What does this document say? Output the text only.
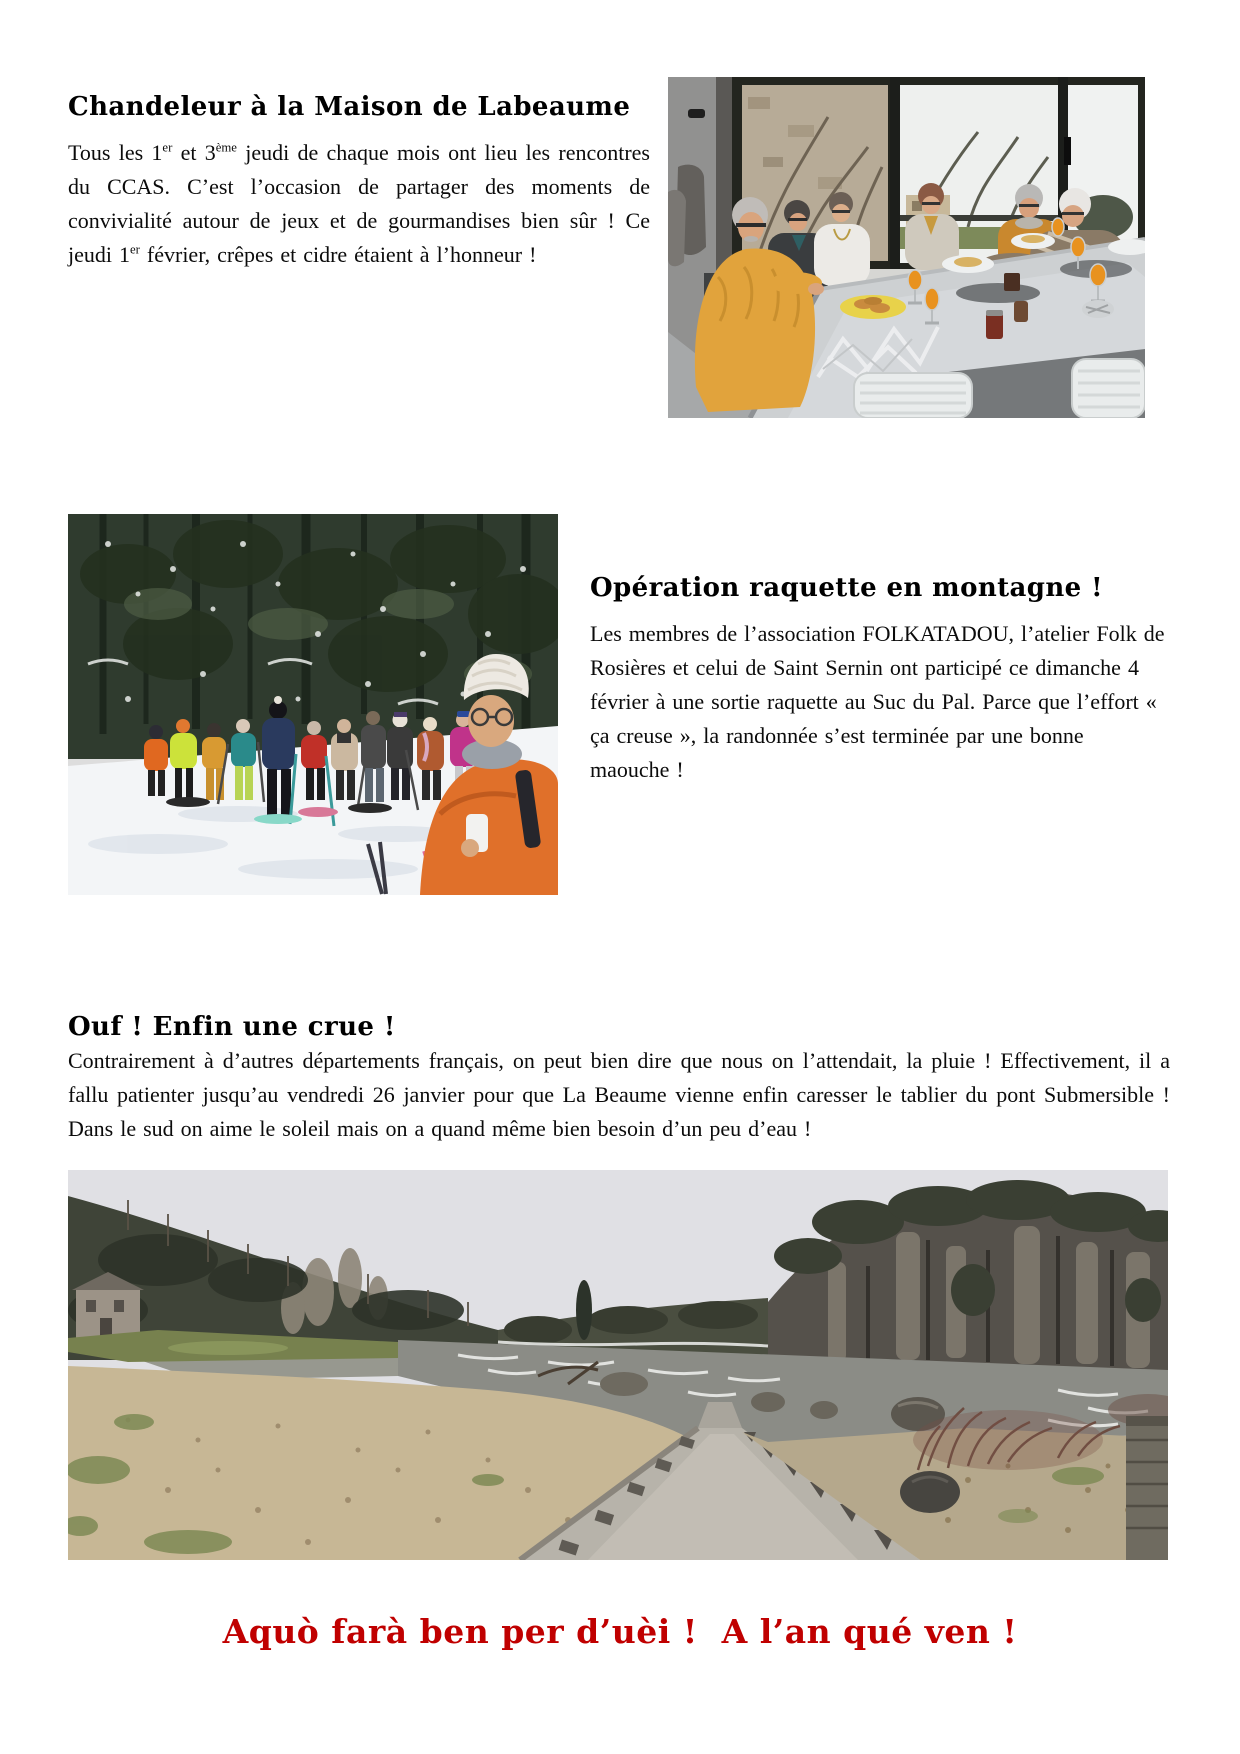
Chandeleur à la Maison de Labeaume

Tous les 1er et 3ème jeudi de chaque mois ont lieu les rencontres du CCAS. C’est l’occasion de partager des moments de convivialité autour de jeux et de gourmandises bien sûr ! Ce jeudi 1er février, crêpes et cidre étaient à l’honneur !

Opération raquette en montagne !

Les membres de l’association FOLKATADOU, l’atelier Folk de Rosières et celui de Saint Sernin ont participé ce dimanche 4 février à une sortie raquette au Suc du Pal. Parce que l’effort « ça creuse », la randonnée s’est terminée par une bonne maouche !

Ouf ! Enfin une crue !

Contrairement à d’autres départements français, on peut bien dire que nous on l’attendait, la pluie ! Effectivement, il a fallu patienter jusqu’au vendredi 26 janvier pour que La Beaume vienne enfin caresser le tablier du pont Submersible ! Dans le sud on aime le soleil mais on a quand même bien besoin d’un peu d’eau !

Aquò farà ben per d’uèi !  A l’an qué ven !
